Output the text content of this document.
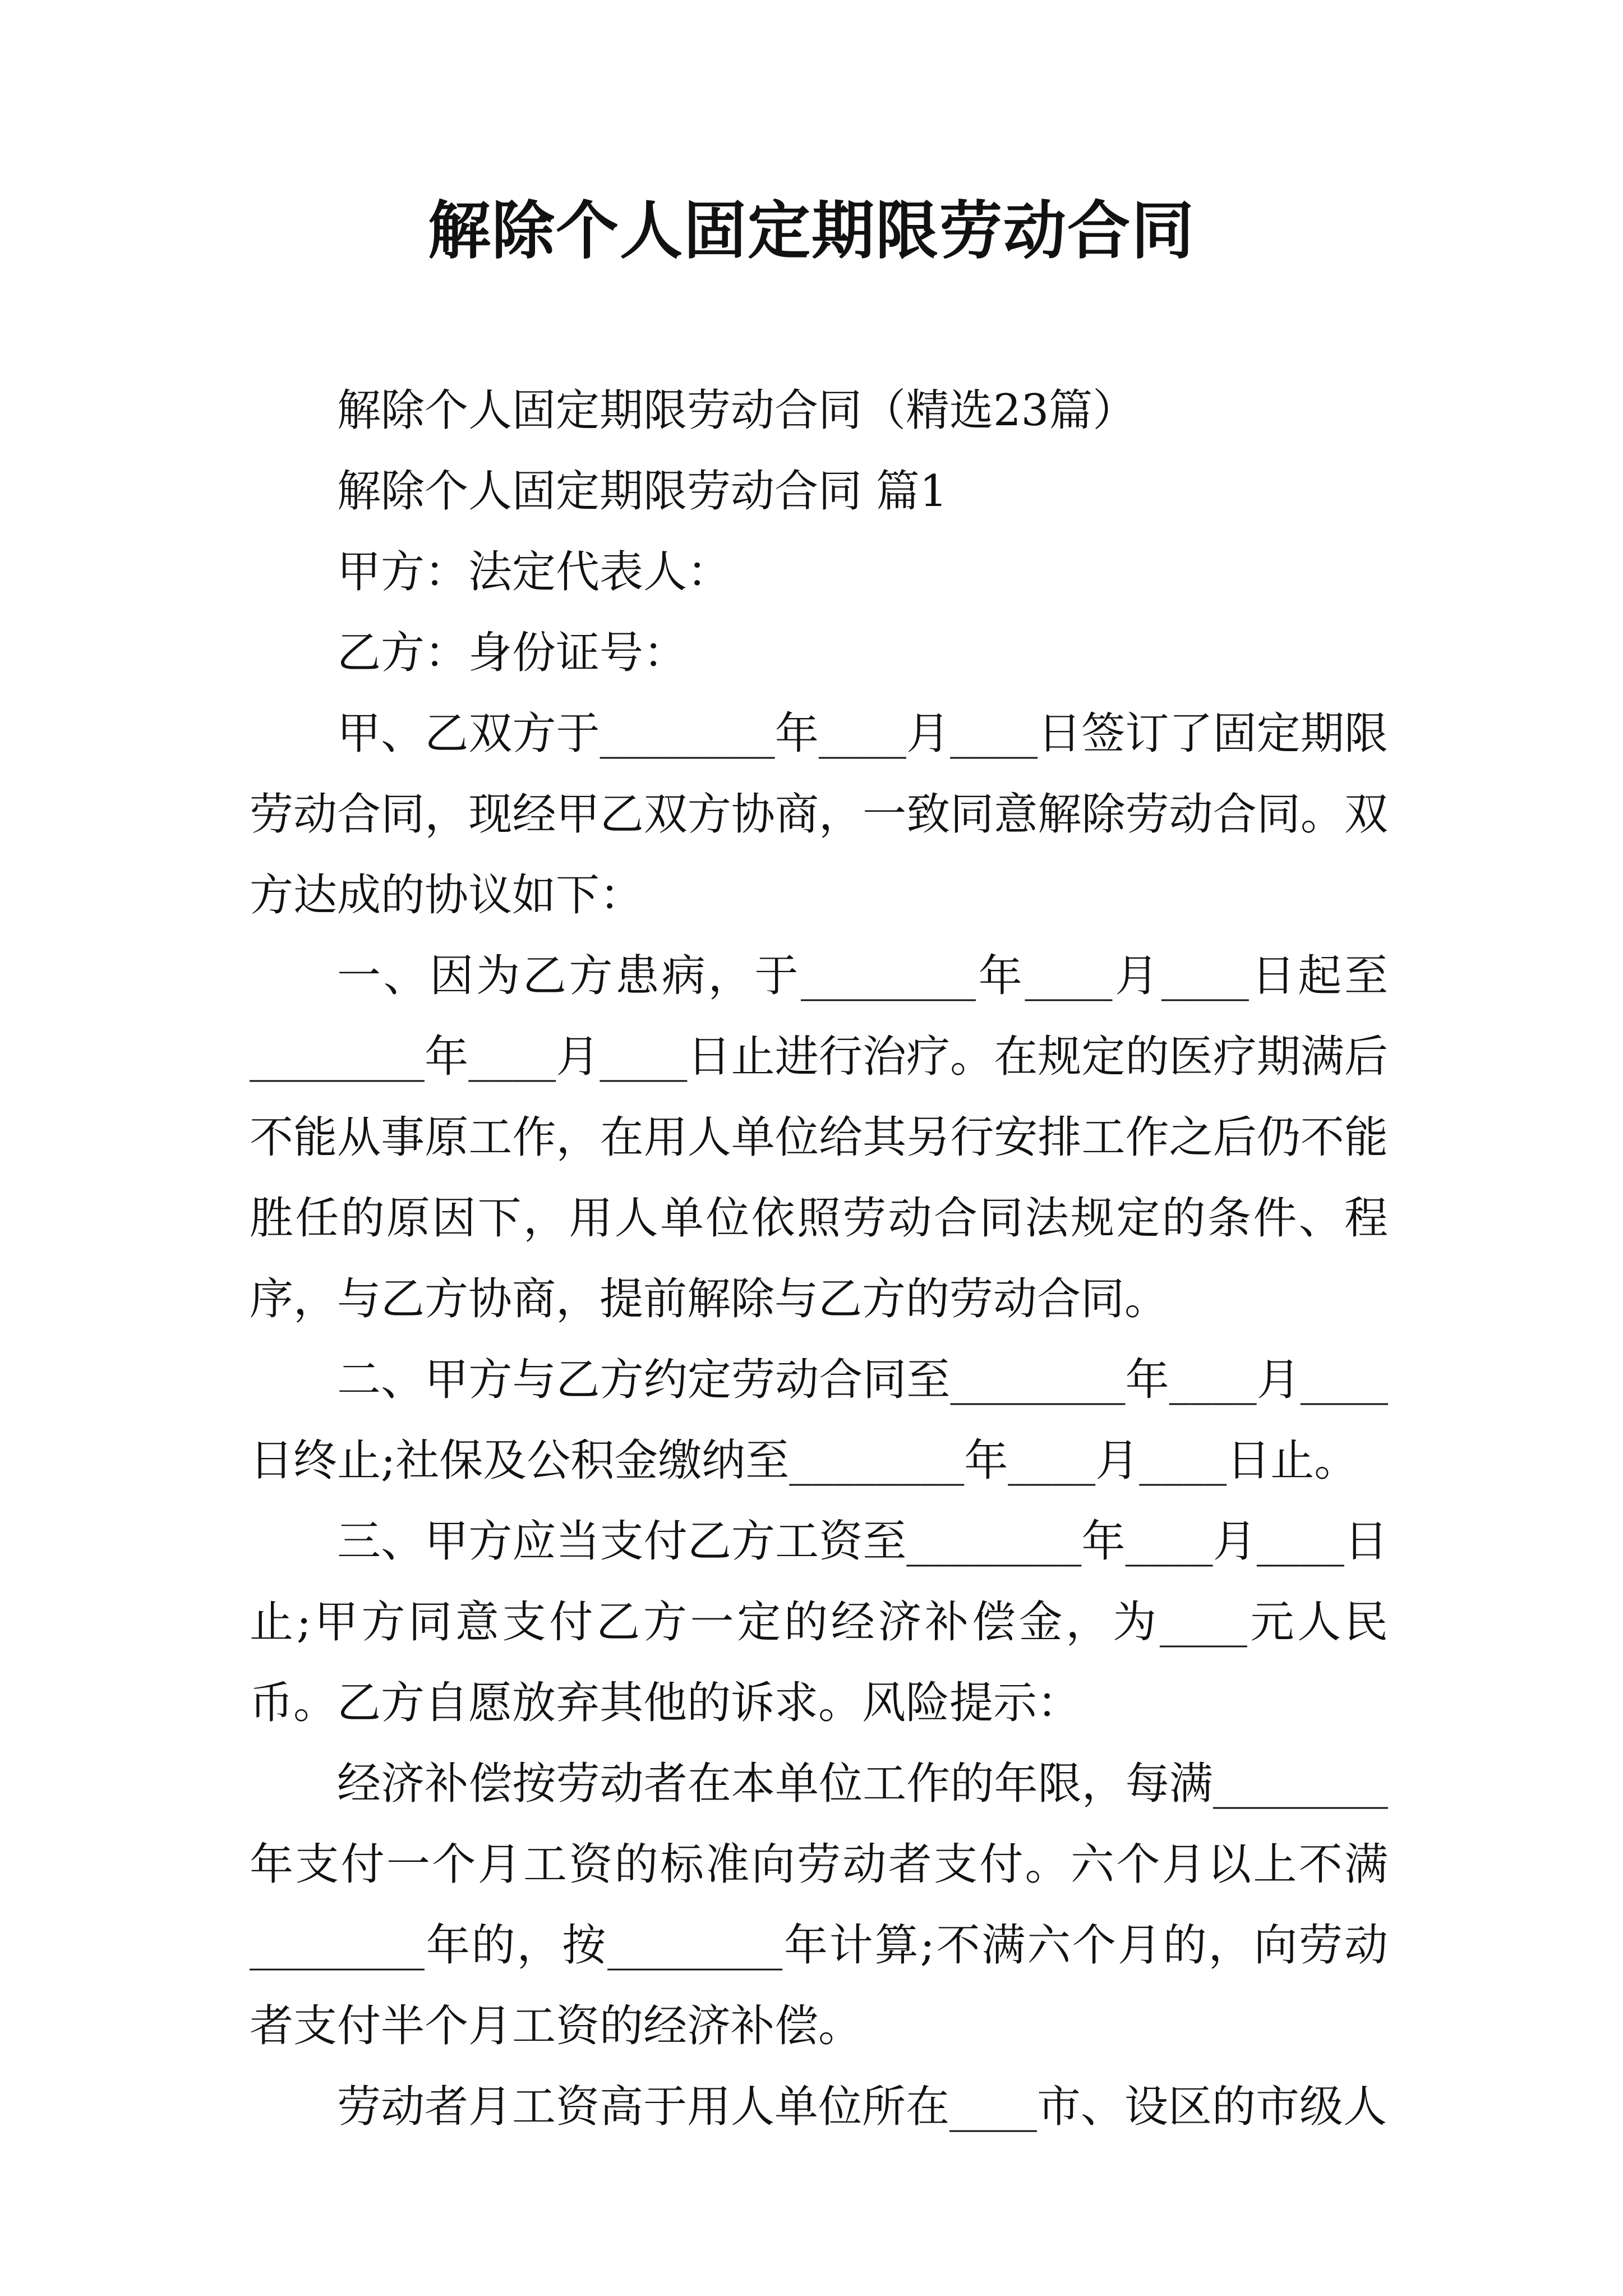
解除个人固定期限劳动合同

解除个人固定期限劳动合同（精选23篇）

解除个人固定期限劳动合同 篇1

甲方：法定代表人：

乙方：身份证号：

甲、乙双方于________年____月____日签订了固定期限劳动合同，现经甲乙双方协商，一致同意解除劳动合同。双方达成的协议如下：

一、因为乙方患病，于________年____月____日起至________年____月____日止进行治疗。在规定的医疗期满后不能从事原工作，在用人单位给其另行安排工作之后仍不能胜任的原因下，用人单位依照劳动合同法规定的条件、程序，与乙方协商，提前解除与乙方的劳动合同。

二、甲方与乙方约定劳动合同至________年____月____日终止;社保及公积金缴纳至________年____月____日止。

三、甲方应当支付乙方工资至________年____月____日止;甲方同意支付乙方一定的经济补偿金，为____元人民币。乙方自愿放弃其他的诉求。风险提示：

经济补偿按劳动者在本单位工作的年限，每满________年支付一个月工资的标准向劳动者支付。六个月以上不满________年的，按________年计算;不满六个月的，向劳动者支付半个月工资的经济补偿。

劳动者月工资高于用人单位所在____市、设区的市级人
